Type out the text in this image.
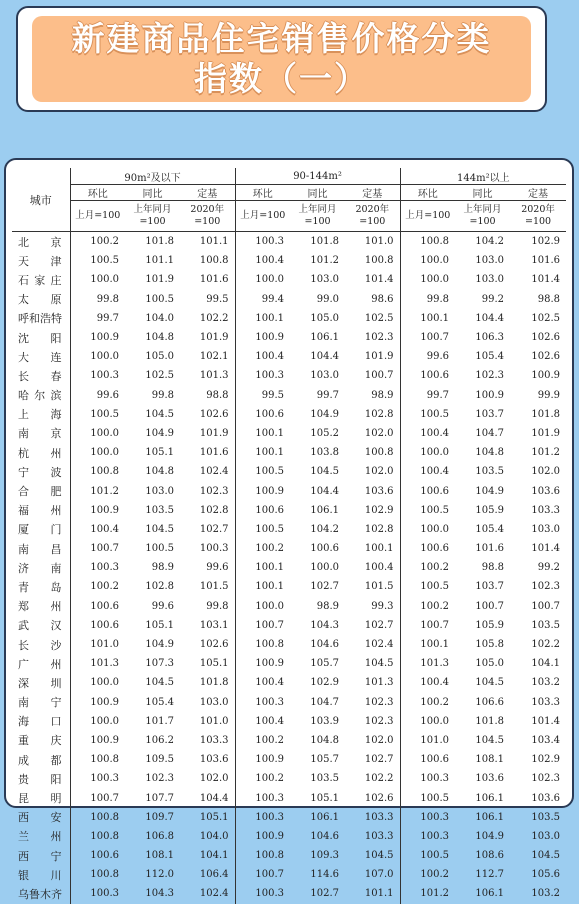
新建商品住宅销售价格分类
指数（一）
城市	90m²及以下			90-144m²			144m²以上		
	环比	同比	定基	环比	同比	定基	环比	同比	定基
	上月=100	上年同月=100	2020年=100	上月=100	上年同月=100	2020年=100	上月=100	上年同月=100	2020年=100
北京	100.2	101.8	101.1	100.3	101.8	101.0	100.8	104.2	102.9
天津	100.5	101.1	100.8	100.4	101.2	100.8	100.0	103.0	101.6
石家庄	100.0	101.9	101.6	100.0	103.0	101.4	100.0	103.0	101.4
太原	99.8	100.5	99.5	99.4	99.0	98.6	99.8	99.2	98.8
呼和浩特	99.7	104.0	102.2	100.1	105.0	102.5	100.1	104.4	102.5
沈阳	100.9	104.8	101.9	100.9	106.1	102.3	100.7	106.3	102.6
大连	100.0	105.0	102.1	100.4	104.4	101.9	99.6	105.4	102.6
长春	100.3	102.5	101.3	100.3	103.0	100.7	100.6	102.3	100.9
哈尔滨	99.6	99.8	98.8	99.5	99.7	98.9	99.7	100.9	99.9
上海	100.5	104.5	102.6	100.6	104.9	102.8	100.5	103.7	101.8
南京	100.0	104.9	101.9	100.1	105.2	102.0	100.4	104.7	101.9
杭州	100.0	105.1	101.6	100.1	103.8	100.8	100.0	104.8	101.2
宁波	100.8	104.8	102.4	100.5	104.5	102.0	100.4	103.5	102.0
合肥	101.2	103.0	102.3	100.9	104.4	103.6	100.6	104.9	103.6
福州	100.9	103.5	102.8	100.6	106.1	102.9	100.5	105.9	103.3
厦门	100.4	104.5	102.7	100.5	104.2	102.8	100.0	105.4	103.0
南昌	100.7	100.5	100.3	100.2	100.6	100.1	100.6	101.6	101.4
济南	100.3	98.9	99.6	100.1	100.0	100.4	100.2	98.8	99.2
青岛	100.2	102.8	101.5	100.1	102.7	101.5	100.5	103.7	102.3
郑州	100.6	99.6	99.8	100.0	98.9	99.3	100.2	100.7	100.7
武汉	100.6	105.1	103.1	100.7	104.3	102.7	100.7	105.9	103.5
长沙	101.0	104.9	102.6	100.8	104.6	102.4	100.1	105.8	102.2
广州	101.3	107.3	105.1	100.9	105.7	104.5	101.3	105.0	104.1
深圳	100.0	104.5	101.8	100.4	102.9	101.3	100.4	104.5	103.2
南宁	100.9	105.4	103.0	100.3	104.7	102.3	100.2	106.6	103.3
海口	100.0	101.7	101.0	100.4	103.9	102.3	100.0	101.8	101.4
重庆	100.9	106.2	103.3	100.2	104.8	102.0	101.0	104.5	103.4
成都	100.8	109.5	103.6	100.9	105.7	102.7	100.6	108.1	102.9
贵阳	100.3	102.3	102.0	100.2	103.5	102.2	100.3	103.6	102.3
昆明	100.7	107.7	104.4	100.3	105.1	102.6	100.5	106.1	103.6
西安	100.8	109.7	105.1	100.3	106.1	103.3	100.3	106.1	103.5
兰州	100.8	106.8	104.0	100.9	104.6	103.3	100.3	104.9	103.0
西宁	100.6	108.1	104.1	100.8	109.3	104.5	100.5	108.6	104.5
银川	100.8	112.0	106.4	100.7	114.6	107.0	100.2	112.7	105.6
乌鲁木齐	100.3	104.3	102.4	100.3	102.7	101.1	101.2	106.1	103.2
